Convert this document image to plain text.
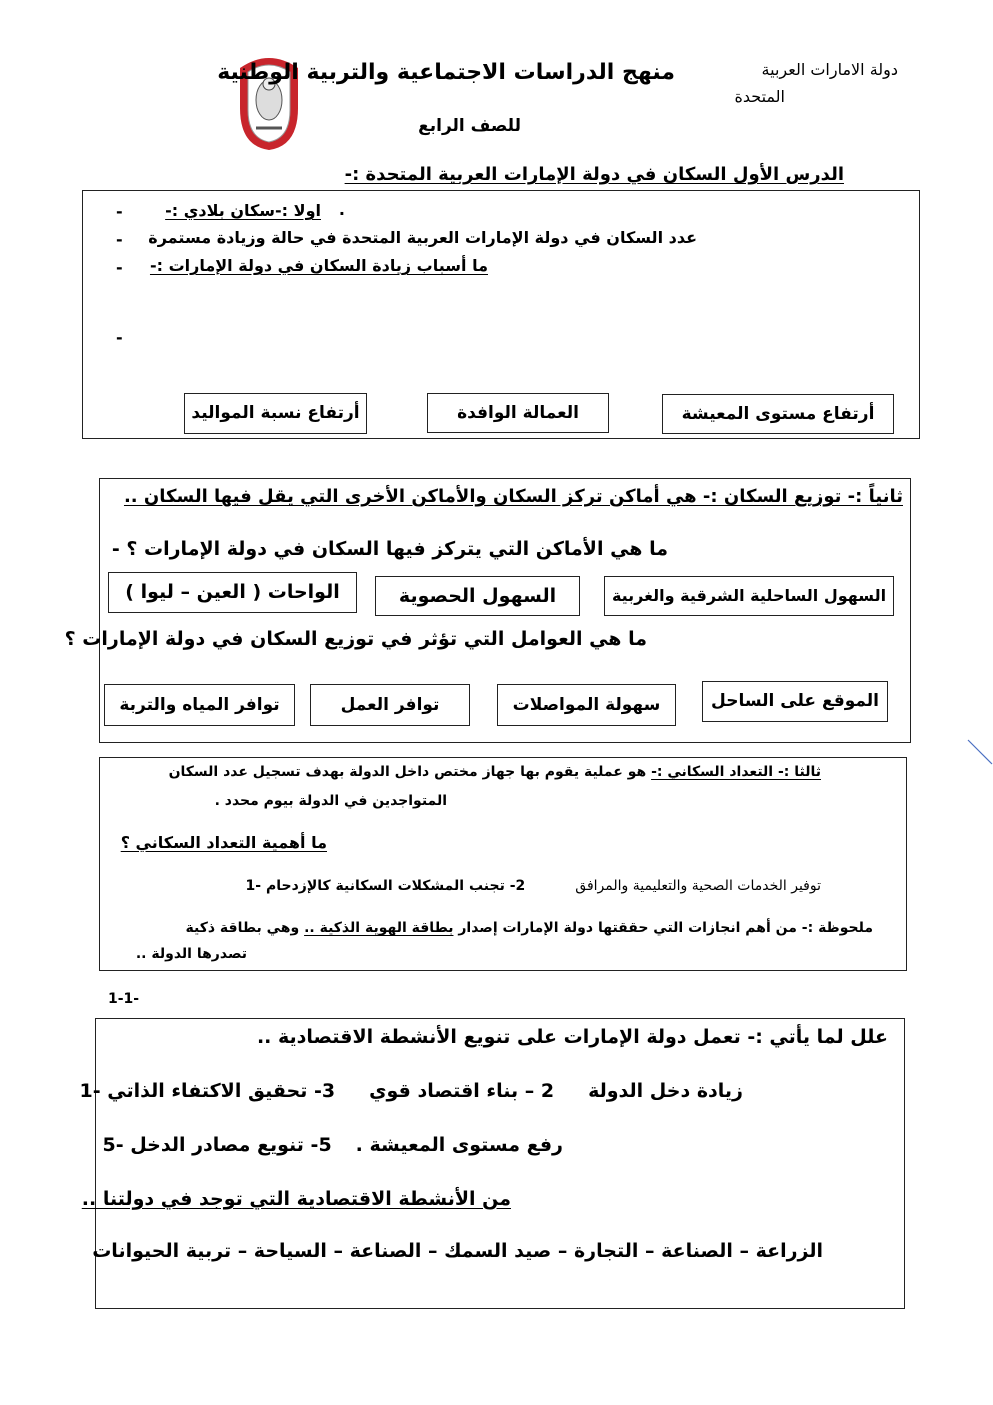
دولة الامارات العربية
المتحدة
منهج الدراسات الاجتماعية والتربية الوطنية
للصف الرابع
الدرس الأول السكان في دولة الإمارات العربية المتحدة :-
اولا :-سكان بلادي :- .
عدد السكان في دولة الإمارات العربية المتحدة في حالة وزيادة مستمرة
ما أسباب زيادة السكان في دولة الإمارات :-
-
-
-
-
أرتفاع مستوى المعيشة
العمالة الوافدة
أرتفاع نسبة المواليد
ثانياً :- توزيع السكان :- هي أماكن تركز السكان والأماكن الأخرى التي يقل فيها السكان ..
ما هي الأماكن التي يتركز فيها السكان في دولة الإمارات ؟ -
السهول الساحلية الشرقية والغربية
السهول الحصوية
الواحات ( العين – ليوا )
ما هي العوامل التي تؤثر في توزيع السكان في دولة الإمارات ؟
الموقع على الساحل
سهولة المواصلات
توافر العمل
توافر المياه والتربة
ثالثا :- التعداد السكاني :- هو عملية يقوم بها جهاز مختص داخل الدولة بهدف تسجيل عدد السكان
المتواجدين في الدولة بيوم محدد .
ما أهمية التعداد السكاني ؟
توفير الخدمات الصحية والتعليمية والمرافق
2- تجنب المشكلات السكانية كالإزدحام -1
ملحوظة :- من أهم انجازات التي حققتها دولة الإمارات إصدار بطاقة الهوية الذكية .. وهي بطاقة ذكية
تصدرها الدولة ..
1-1-
علل لما يأتي :- تعمل دولة الإمارات على تنويع الأنشطة الاقتصادية ..
زيادة دخل الدولة
2 – بناء اقتصاد قوي
3- تحقيق الاكتفاء الذاتي -1
رفع مستوى المعيشة .
5- تنويع مصادر الدخل -5
من الأنشطة الاقتصادية التي توجد في دولتنا ..
الزراعة – الصناعة – التجارة – صيد السمك – الصناعة – السياحة – تربية الحيوانات
